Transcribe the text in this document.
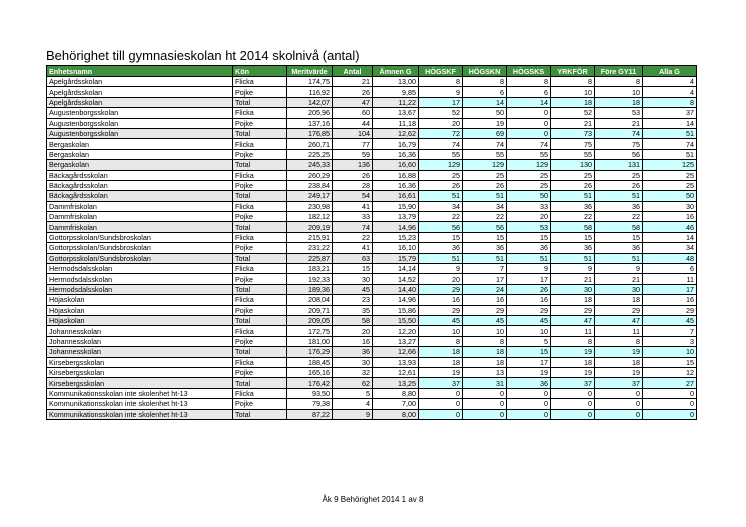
Behörighet till gymnasieskolan ht 2014 skolnivå (antal)
Enhetsnamn	Kön	Meritvärde	Antal	Ämnen G	HÖGSKF	HÖGSKN	HÖGSKS	YRKFÖR	Före GY11	Alla G
Apelgårdsskolan	Flicka	174,75	21	13,00	8	8	8	8	8	4
Apelgårdsskolan	Pojke	116,92	26	9,85	9	6	6	10	10	4
Apelgårdsskolan	Total	142,07	47	11,22	17	14	14	18	18	8
Augustenborgsskolan	Flicka	205,96	60	13,67	52	50	0	52	53	37
Augustenborgsskolan	Pojke	137,16	44	11,18	20	19	0	21	21	14
Augustenborgsskolan	Total	176,85	104	12,62	72	69	0	73	74	51
Bergaskolan	Flicka	260,71	77	16,79	74	74	74	75	75	74
Bergaskolan	Pojke	225,25	59	16,36	55	55	55	55	56	51
Bergaskolan	Total	245,33	136	16,60	129	129	129	130	131	125
Bäckagårdsskolan	Flicka	260,29	26	16,88	25	25	25	25	25	25
Bäckagårdsskolan	Pojke	238,84	28	16,36	26	26	25	26	26	25
Bäckagårdsskolan	Total	249,17	54	16,61	51	51	50	51	51	50
Dammfriskolan	Flicka	230,98	41	15,90	34	34	33	36	36	30
Dammfriskolan	Pojke	182,12	33	13,79	22	22	20	22	22	16
Dammfriskolan	Total	209,19	74	14,96	56	56	53	58	58	46
Gottorpsskolan/Sundsbroskolan	Flicka	215,91	22	15,23	15	15	15	15	15	14
Gottorpsskolan/Sundsbroskolan	Pojke	231,22	41	16,10	36	36	36	36	36	34
Gottorpsskolan/Sundsbroskolan	Total	225,87	63	15,79	51	51	51	51	51	48
Hermodsdalsskolan	Flicka	183,21	15	14,14	9	7	9	9	9	6
Hermodsdalsskolan	Pojke	192,33	30	14,52	20	17	17	21	21	11
Hermodsdalsskolan	Total	189,36	45	14,40	29	24	26	30	30	17
Höjaskolan	Flicka	208,04	23	14,96	16	16	16	18	18	16
Höjaskolan	Pojke	209,71	35	15,86	29	29	29	29	29	29
Höjaskolan	Total	209,05	58	15,50	45	45	45	47	47	45
Johannesskolan	Flicka	172,75	20	12,20	10	10	10	11	11	7
Johannesskolan	Pojke	181,00	16	13,27	8	8	5	8	8	3
Johannesskolan	Total	176,29	36	12,66	18	18	15	19	19	10
Kirsebergsskolan	Flicka	188,45	30	13,93	18	18	17	18	18	15
Kirsebergsskolan	Pojke	165,16	32	12,61	19	13	19	19	19	12
Kirsebergsskolan	Total	176,42	62	13,25	37	31	36	37	37	27
Kommunikationsskolan inte skolenhet ht-13	Flicka	93,50	5	8,80	0	0	0	0	0	0
Kommunikationsskolan inte skolenhet ht-13	Pojke	79,38	4	7,00	0	0	0	0	0	0
Kommunikationsskolan inte skolenhet ht-13	Total	87,22	9	8,00	0	0	0	0	0	0
Åk 9 Behörighet 2014 1 av 8
